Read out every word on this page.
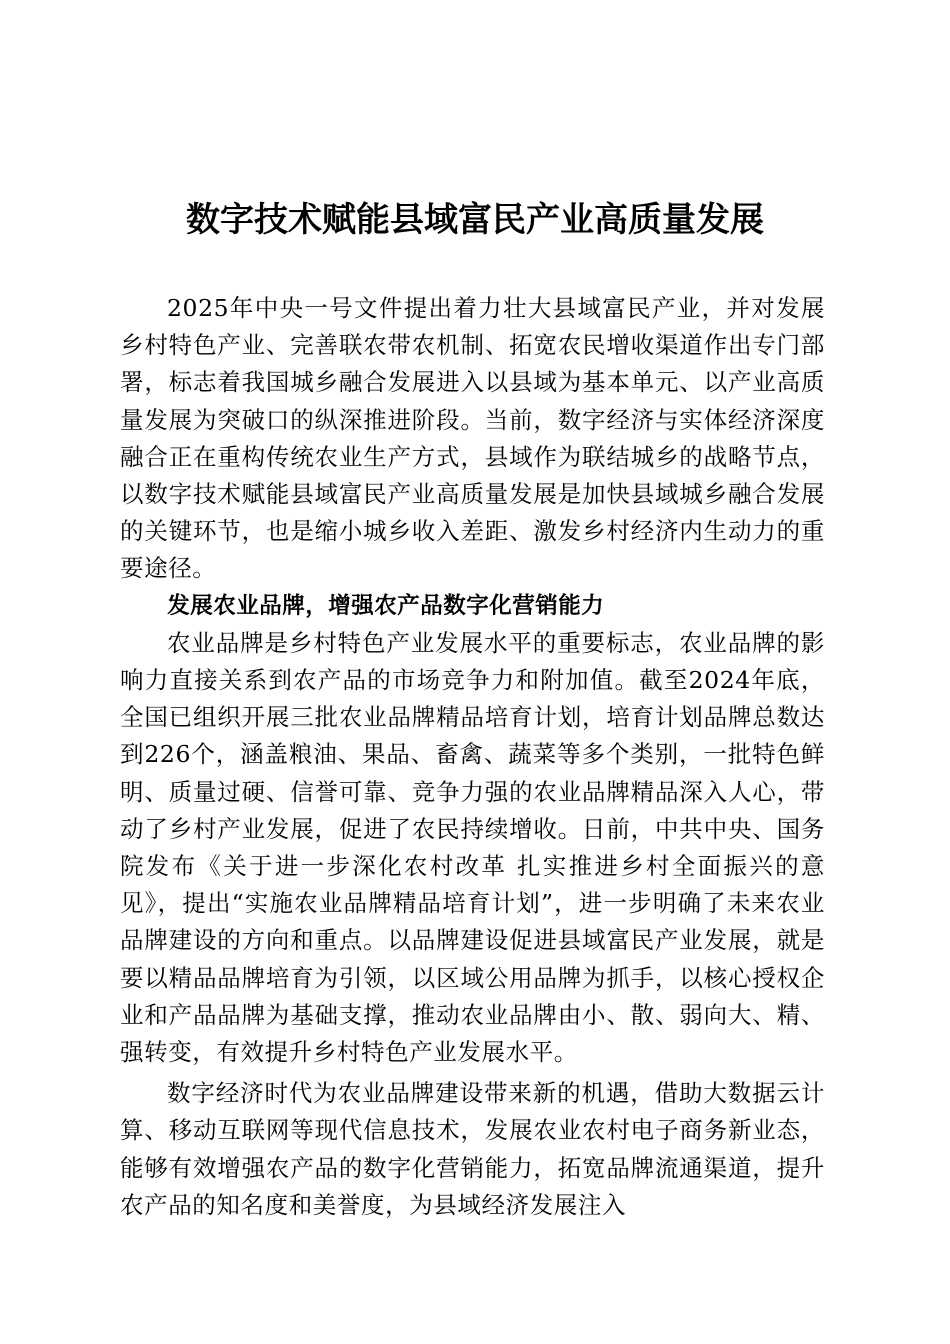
数字技术赋能县域富民产业高质量发展

2025年中央一号文件提出着力壮大县域富民产业，并对发展乡村特色产业、完善联农带农机制、拓宽农民增收渠道作出专门部署，标志着我国城乡融合发展进入以县域为基本单元、以产业高质量发展为突破口的纵深推进阶段。当前，数字经济与实体经济深度融合正在重构传统农业生产方式，县域作为联结城乡的战略节点，以数字技术赋能县域富民产业高质量发展是加快县域城乡融合发展的关键环节，也是缩小城乡收入差距、激发乡村经济内生动力的重要途径。

发展农业品牌，增强农产品数字化营销能力

农业品牌是乡村特色产业发展水平的重要标志，农业品牌的影响力直接关系到农产品的市场竞争力和附加值。截至2024年底，全国已组织开展三批农业品牌精品培育计划，培育计划品牌总数达到226个，涵盖粮油、果品、畜禽、蔬菜等多个类别，一批特色鲜明、质量过硬、信誉可靠、竞争力强的农业品牌精品深入人心，带动了乡村产业发展，促进了农民持续增收。日前，中共中央、国务院发布《关于进一步深化农村改革 扎实推进乡村全面振兴的意见》，提出“实施农业品牌精品培育计划”，进一步明确了未来农业品牌建设的方向和重点。以品牌建设促进县域富民产业发展，就是要以精品品牌培育为引领，以区域公用品牌为抓手，以核心授权企业和产品品牌为基础支撑，推动农业品牌由小、散、弱向大、精、强转变，有效提升乡村特色产业发展水平。

数字经济时代为农业品牌建设带来新的机遇，借助大数据云计算、移动互联网等现代信息技术，发展农业农村电子商务新业态，能够有效增强农产品的数字化营销能力，拓宽品牌流通渠道，提升农产品的知名度和美誉度，为县域经济发展注入
